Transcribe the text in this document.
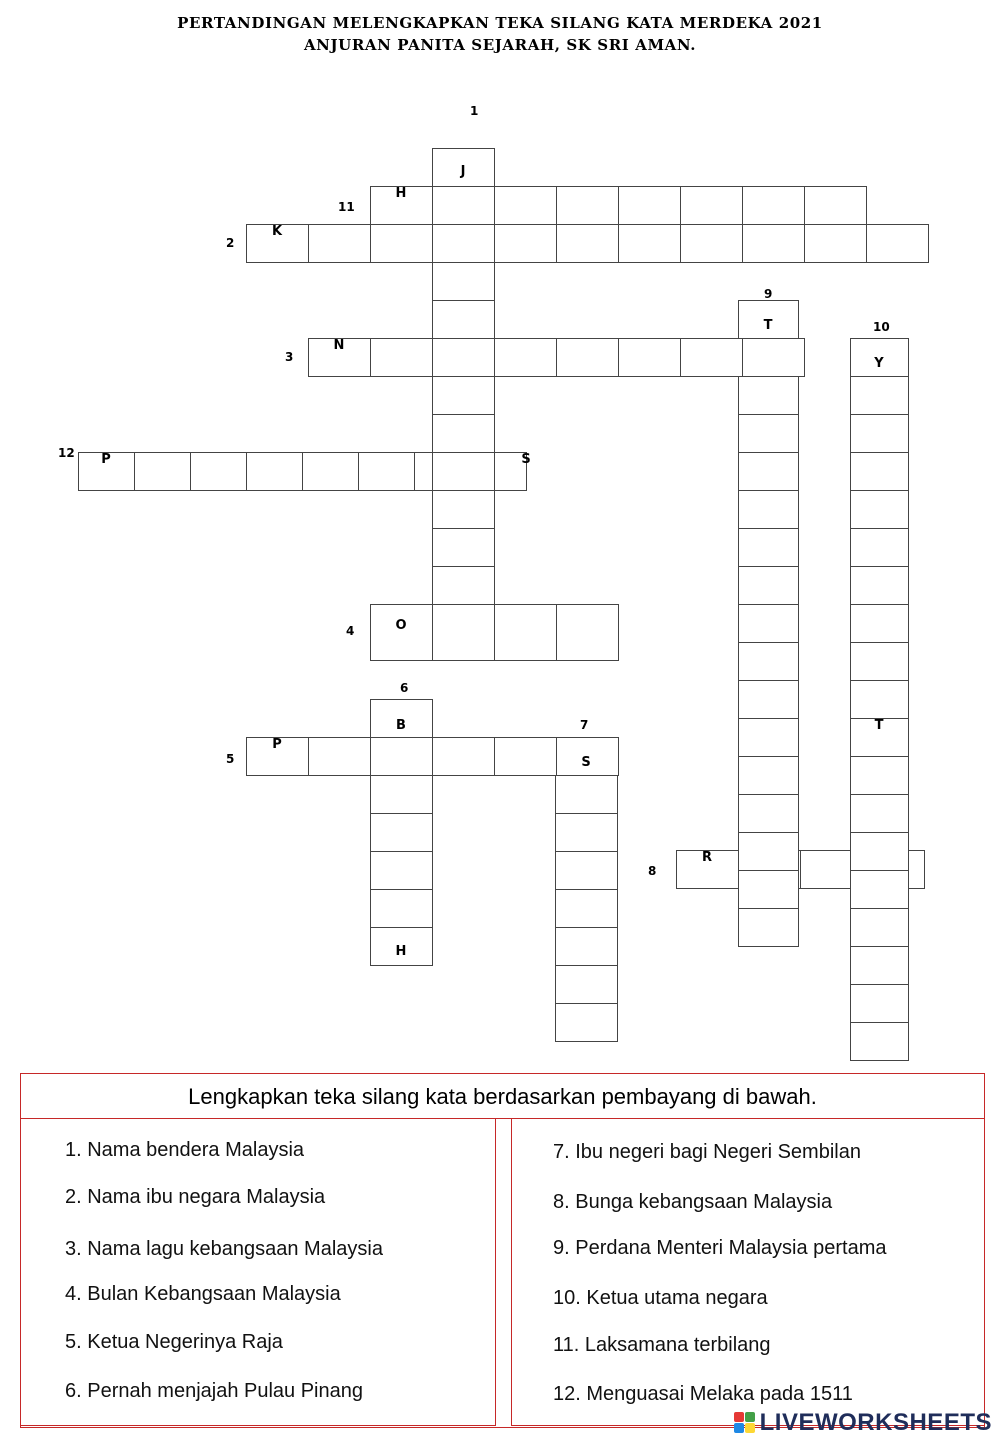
PERTANDINGAN MELENGKAPKAN TEKA SILANG KATA MERDEKA 2021
ANJURAN PANITA SEJARAH, SK SRI AMAN.
1
2
3
4
5
6
7
8
9
10
11
12
J
H
K
N
T
Y
P	S
O
B
P
S
T
R
H
Lengkapkan teka silang kata berdasarkan pembayang di bawah.
1. Nama bendera Malaysia
2. Nama ibu negara Malaysia
3. Nama lagu kebangsaan Malaysia
4. Bulan Kebangsaan Malaysia
5. Ketua Negerinya Raja
6. Pernah menjajah Pulau Pinang
7. Ibu negeri bagi Negeri Sembilan
8. Bunga kebangsaan Malaysia
9. Perdana Menteri Malaysia pertama
10. Ketua utama negara
11. Laksamana terbilang
12. Menguasai Melaka pada 1511
LIVEWORKSHEETS
